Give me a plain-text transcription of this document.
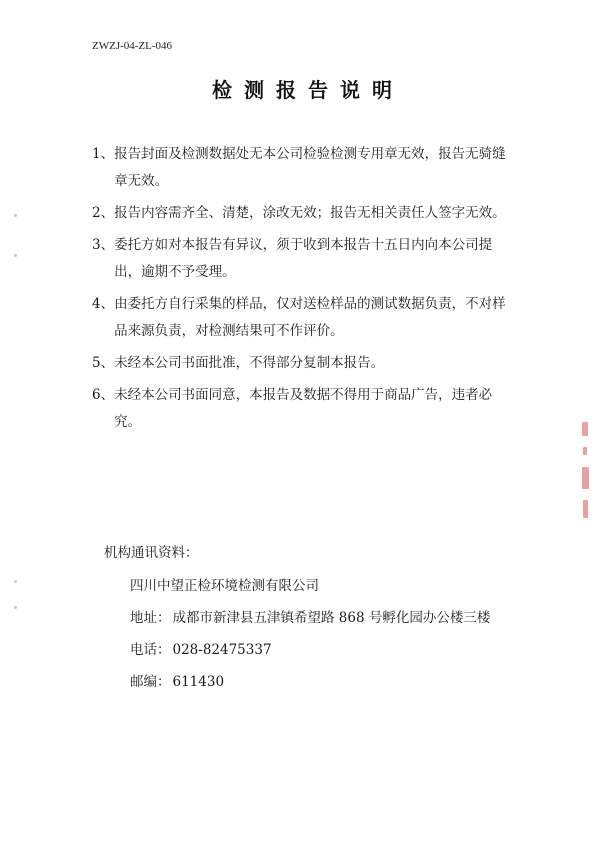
ZWZJ-04-ZL-046
检测报告说明
1、 报告封面及检测数据处无本公司检验检测专用章无效，报告无骑缝章无效。
2、 报告内容需齐全、清楚，涂改无效；报告无相关责任人签字无效。
3、 委托方如对本报告有异议，须于收到本报告十五日内向本公司提出，逾期不予受理。
4、 由委托方自行采集的样品，仅对送检样品的测试数据负责，不对样品来源负责，对检测结果可不作评价。
5、 未经本公司书面批准，不得部分复制本报告。
6、 未经本公司书面同意，本报告及数据不得用于商品广告，违者必究。
机构通讯资料：
四川中望正检环境检测有限公司
地址： 成都市新津县五津镇希望路 868 号孵化园办公楼三楼
电话： 028-82475337
邮编： 611430
